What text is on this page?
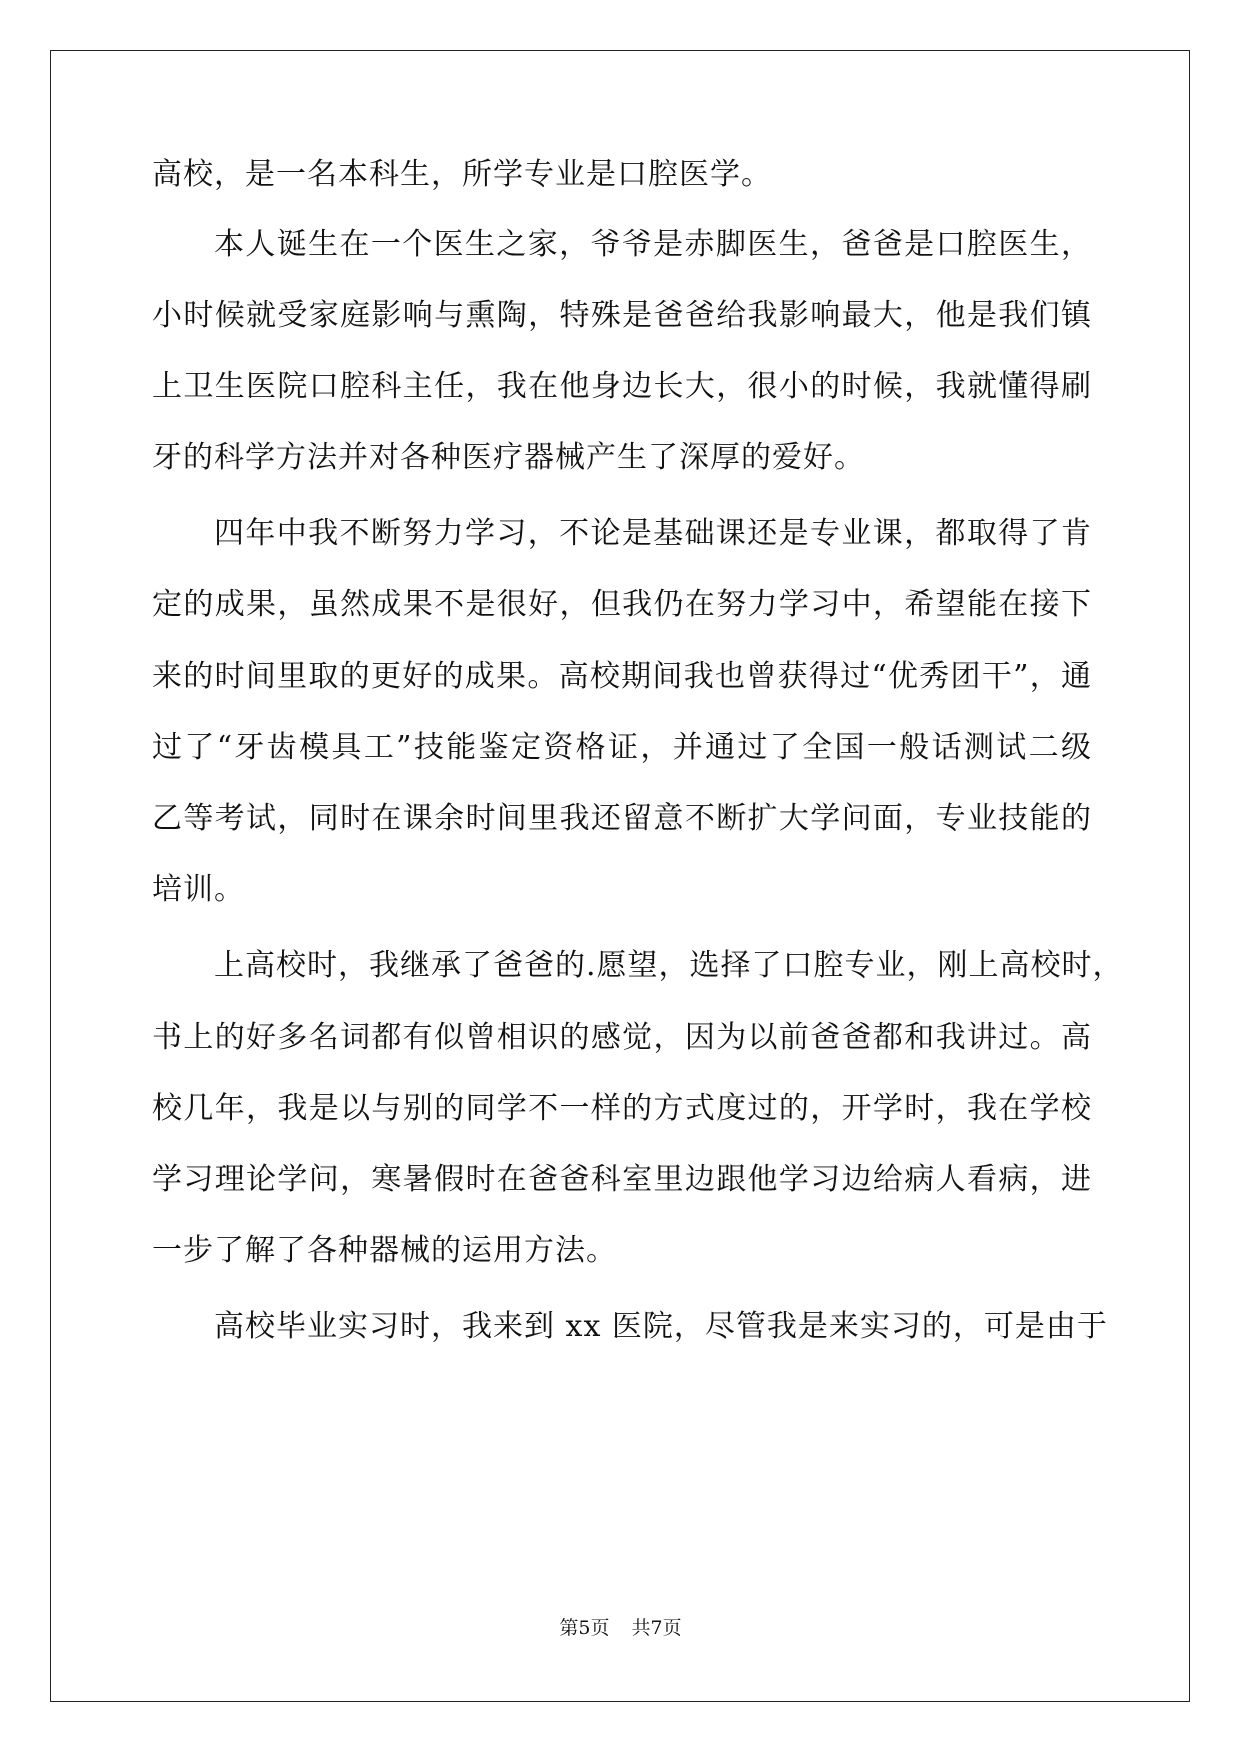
高校，是一名本科生，所学专业是口腔医学。
本人诞生在一个医生之家，爷爷是赤脚医生，爸爸是口腔医生，
小时候就受家庭影响与熏陶，特殊是爸爸给我影响最大，他是我们镇
上卫生医院口腔科主任，我在他身边长大，很小的时候，我就懂得刷
牙的科学方法并对各种医疗器械产生了深厚的爱好。
四年中我不断努力学习，不论是基础课还是专业课，都取得了肯
定的成果，虽然成果不是很好，但我仍在努力学习中，希望能在接下
来的时间里取的更好的成果。高校期间我也曾获得过“优秀团干”，通
过了“牙齿模具工”技能鉴定资格证，并通过了全国一般话测试二级
乙等考试，同时在课余时间里我还留意不断扩大学问面，专业技能的
培训。
上高校时，我继承了爸爸的.愿望，选择了口腔专业，刚上高校时，
书上的好多名词都有似曾相识的感觉，因为以前爸爸都和我讲过。高
校几年，我是以与别的同学不一样的方式度过的，开学时，我在学校
学习理论学问，寒暑假时在爸爸科室里边跟他学习边给病人看病，进
一步了解了各种器械的运用方法。
高校毕业实习时，我来到 xx 医院，尽管我是来实习的，可是由于
第5页 共7页
